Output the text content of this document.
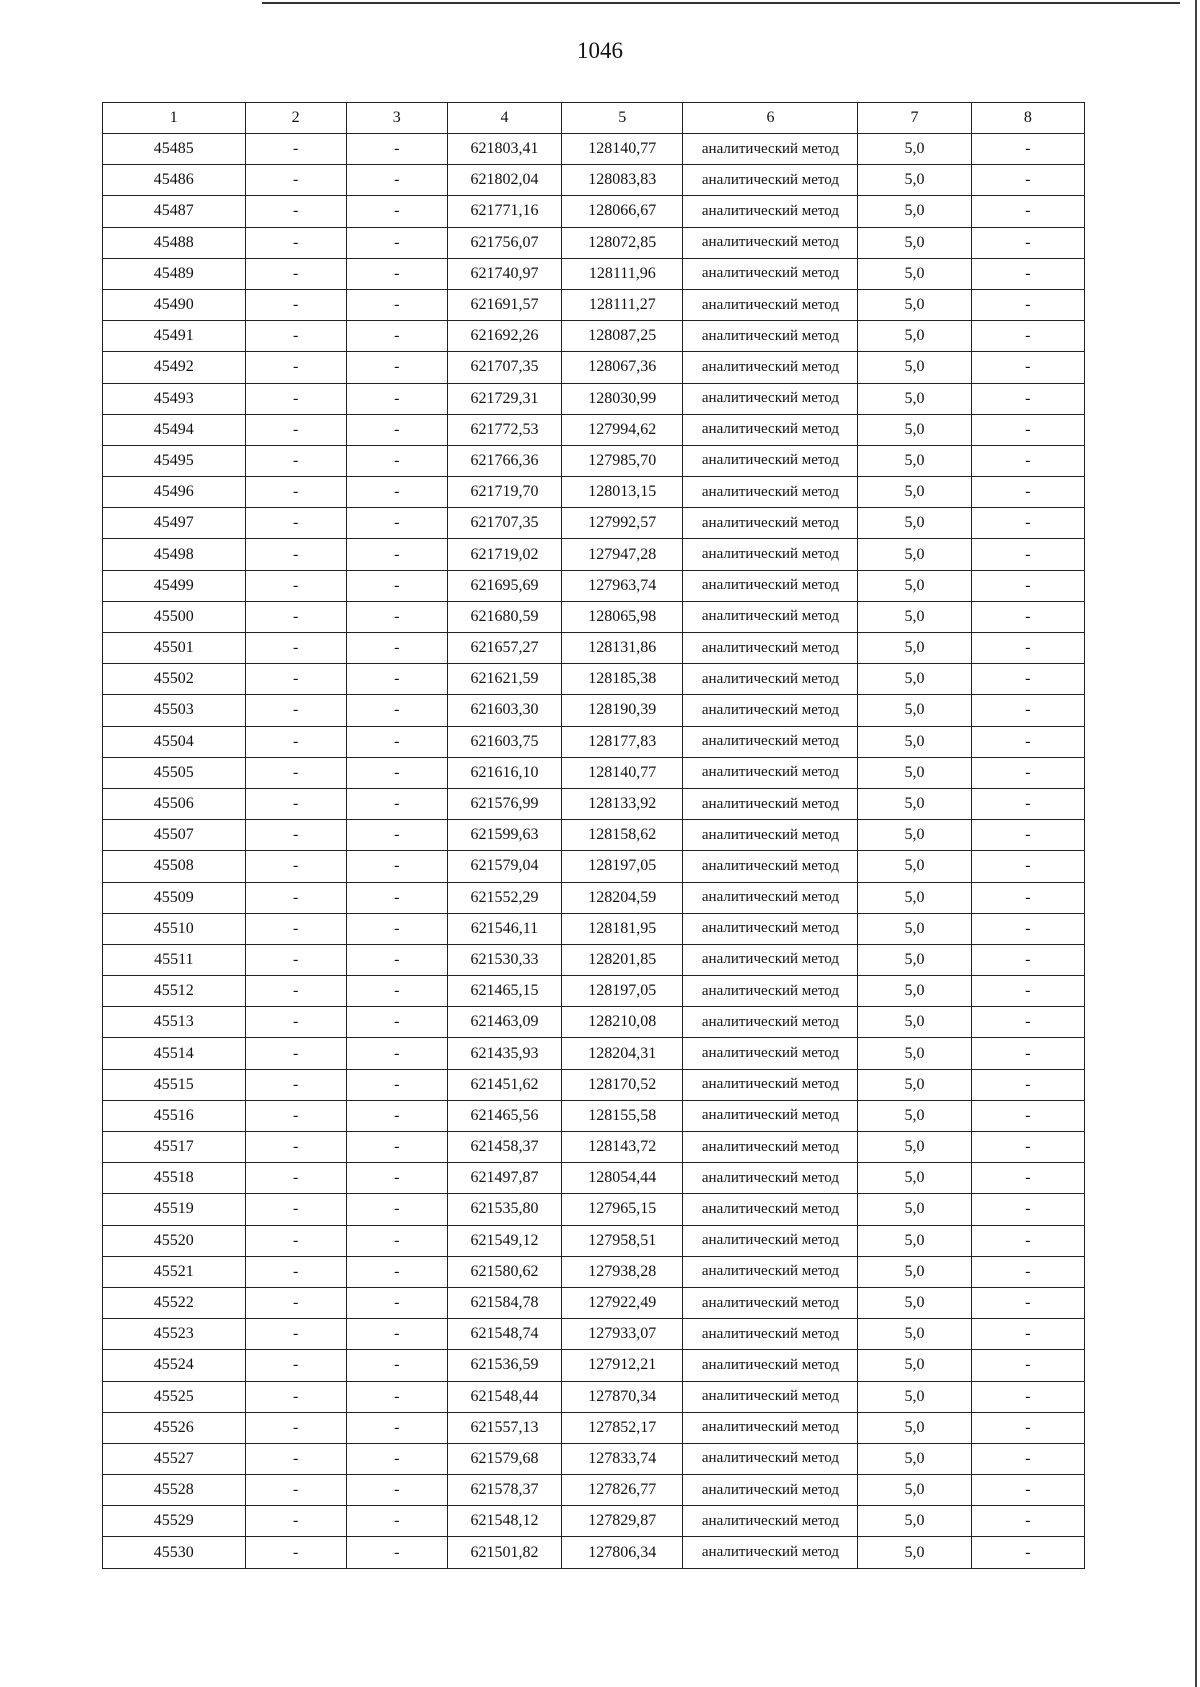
1046
1	2	3	4	5	6	7	8
45485	-	-	621803,41	128140,77	аналитический метод	5,0	-
45486	-	-	621802,04	128083,83	аналитический метод	5,0	-
45487	-	-	621771,16	128066,67	аналитический метод	5,0	-
45488	-	-	621756,07	128072,85	аналитический метод	5,0	-
45489	-	-	621740,97	128111,96	аналитический метод	5,0	-
45490	-	-	621691,57	128111,27	аналитический метод	5,0	-
45491	-	-	621692,26	128087,25	аналитический метод	5,0	-
45492	-	-	621707,35	128067,36	аналитический метод	5,0	-
45493	-	-	621729,31	128030,99	аналитический метод	5,0	-
45494	-	-	621772,53	127994,62	аналитический метод	5,0	-
45495	-	-	621766,36	127985,70	аналитический метод	5,0	-
45496	-	-	621719,70	128013,15	аналитический метод	5,0	-
45497	-	-	621707,35	127992,57	аналитический метод	5,0	-
45498	-	-	621719,02	127947,28	аналитический метод	5,0	-
45499	-	-	621695,69	127963,74	аналитический метод	5,0	-
45500	-	-	621680,59	128065,98	аналитический метод	5,0	-
45501	-	-	621657,27	128131,86	аналитический метод	5,0	-
45502	-	-	621621,59	128185,38	аналитический метод	5,0	-
45503	-	-	621603,30	128190,39	аналитический метод	5,0	-
45504	-	-	621603,75	128177,83	аналитический метод	5,0	-
45505	-	-	621616,10	128140,77	аналитический метод	5,0	-
45506	-	-	621576,99	128133,92	аналитический метод	5,0	-
45507	-	-	621599,63	128158,62	аналитический метод	5,0	-
45508	-	-	621579,04	128197,05	аналитический метод	5,0	-
45509	-	-	621552,29	128204,59	аналитический метод	5,0	-
45510	-	-	621546,11	128181,95	аналитический метод	5,0	-
45511	-	-	621530,33	128201,85	аналитический метод	5,0	-
45512	-	-	621465,15	128197,05	аналитический метод	5,0	-
45513	-	-	621463,09	128210,08	аналитический метод	5,0	-
45514	-	-	621435,93	128204,31	аналитический метод	5,0	-
45515	-	-	621451,62	128170,52	аналитический метод	5,0	-
45516	-	-	621465,56	128155,58	аналитический метод	5,0	-
45517	-	-	621458,37	128143,72	аналитический метод	5,0	-
45518	-	-	621497,87	128054,44	аналитический метод	5,0	-
45519	-	-	621535,80	127965,15	аналитический метод	5,0	-
45520	-	-	621549,12	127958,51	аналитический метод	5,0	-
45521	-	-	621580,62	127938,28	аналитический метод	5,0	-
45522	-	-	621584,78	127922,49	аналитический метод	5,0	-
45523	-	-	621548,74	127933,07	аналитический метод	5,0	-
45524	-	-	621536,59	127912,21	аналитический метод	5,0	-
45525	-	-	621548,44	127870,34	аналитический метод	5,0	-
45526	-	-	621557,13	127852,17	аналитический метод	5,0	-
45527	-	-	621579,68	127833,74	аналитический метод	5,0	-
45528	-	-	621578,37	127826,77	аналитический метод	5,0	-
45529	-	-	621548,12	127829,87	аналитический метод	5,0	-
45530	-	-	621501,82	127806,34	аналитический метод	5,0	-
